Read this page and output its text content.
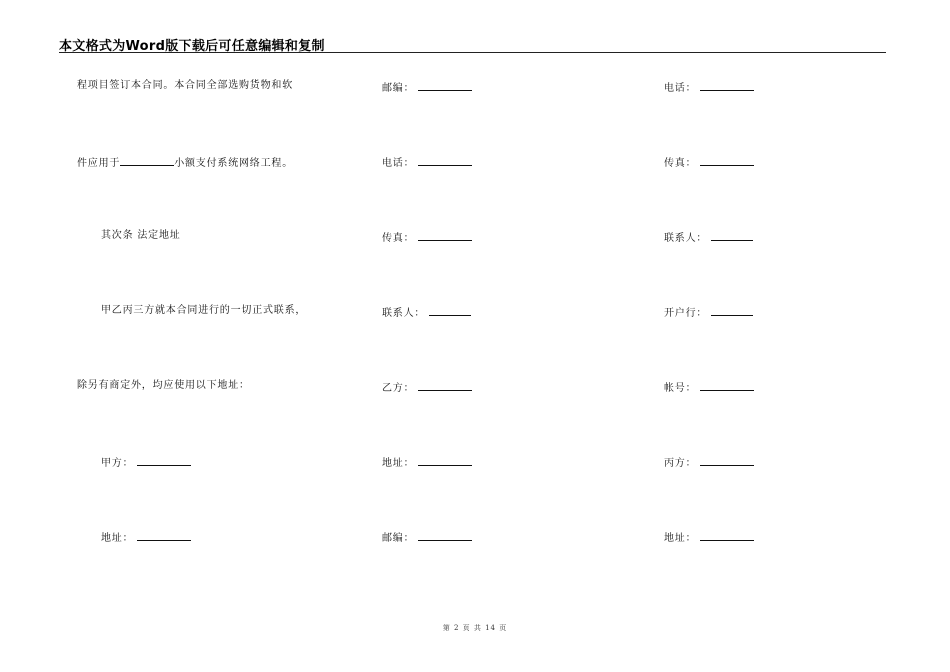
本文格式为Word版下载后可任意编辑和复制
程项目签订本合同。本合同全部选购货物和软
件应用于	小额支付系统网络工程。
其次条 法定地址
甲乙丙三方就本合同进行的一切正式联系，
除另有商定外，均应使用以下地址：
甲方：
地址：
邮编：
电话：
传真：
联系人：
乙方：
地址：
邮编：
电话：
传真：
联系人：
开户行：
帐号：
丙方：
地址：
第 2 页 共 14 页
